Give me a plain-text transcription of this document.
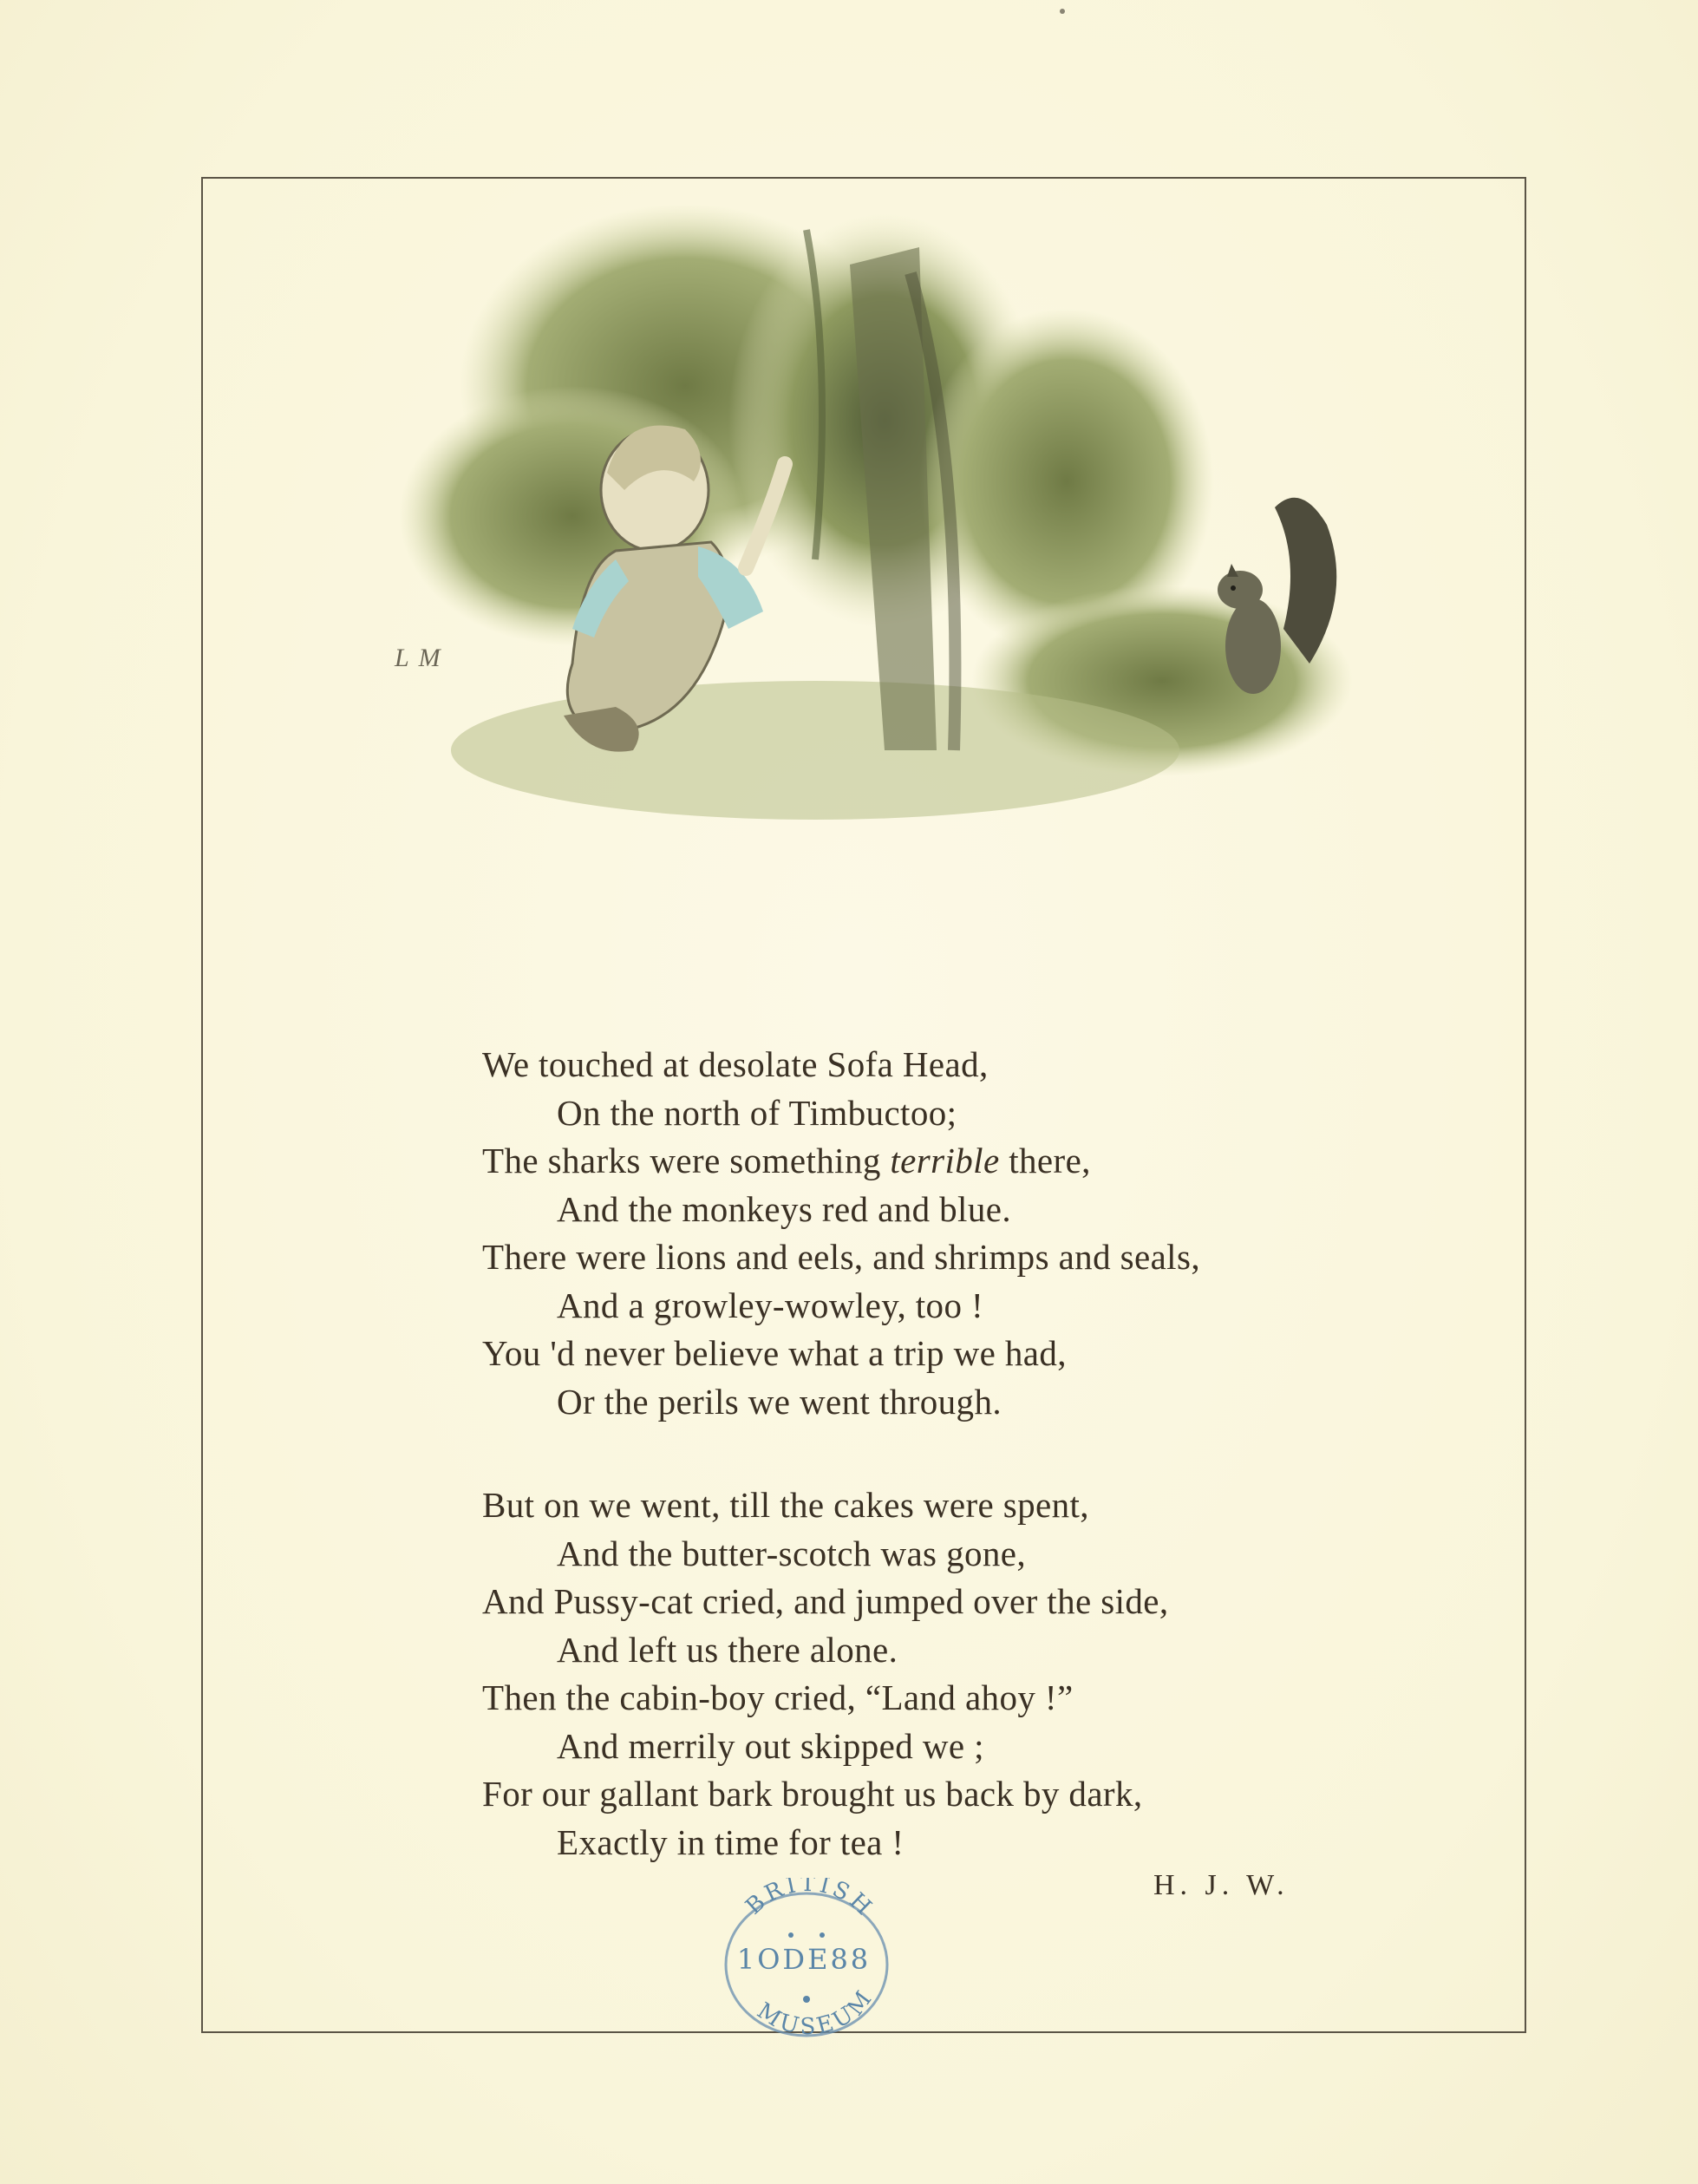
L M
We touched at desolate Sofa Head,
On the north of Timbuctoo;
The sharks were something terrible there,
And the monkeys red and blue.
There were lions and eels, and shrimps and seals,
And a growley-wowley, too !
You 'd never believe what a trip we had,
Or the perils we went through.
But on we went, till the cakes were spent,
And the butter-scotch was gone,
And Pussy-cat cried, and jumped over the side,
And left us there alone.
Then the cabin-boy cried, “Land ahoy !”
And merrily out skipped we ;
For our gallant bark brought us back by dark,
Exactly in time for tea !
H. J. W.
BRITISH
MUSEUM
1ODE88
